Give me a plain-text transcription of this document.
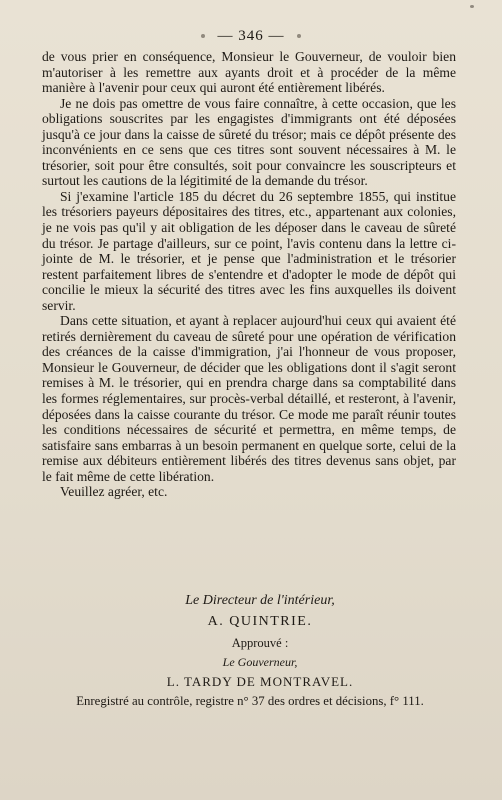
— 346 —

de vous prier en conséquence, Monsieur le Gouverneur, de vouloir bien m'autoriser à les remettre aux ayants droit et à procéder de la même manière à l'avenir pour ceux qui auront été entièrement libérés.

Je ne dois pas omettre de vous faire connaître, à cette occasion, que les obligations souscrites par les engagistes d'immigrants ont été déposées jusqu'à ce jour dans la caisse de sûreté du trésor; mais ce dépôt présente des inconvénients en ce sens que ces titres sont souvent nécessaires à M. le trésorier, soit pour être consultés, soit pour convaincre les souscripteurs et surtout les cautions de la légitimité de la demande du trésor.

Si j'examine l'article 185 du décret du 26 septembre 1855, qui institue les trésoriers payeurs dépositaires des titres, etc., appartenant aux colonies, je ne vois pas qu'il y ait obligation de les déposer dans le caveau de sûreté du trésor. Je partage d'ailleurs, sur ce point, l'avis contenu dans la lettre ci-jointe de M. le trésorier, et je pense que l'administration et le trésorier restent parfaitement libres de s'entendre et d'adopter le mode de dépôt qui concilie le mieux la sécurité des titres avec les fins auxquelles ils doivent servir.

Dans cette situation, et ayant à replacer aujourd'hui ceux qui avaient été retirés dernièrement du caveau de sûreté pour une opération de vérification des créances de la caisse d'immigration, j'ai l'honneur de vous proposer, Monsieur le Gouverneur, de décider que les obligations dont il s'agit seront remises à M. le trésorier, qui en prendra charge dans sa comptabilité dans les formes réglementaires, sur procès-verbal détaillé, et resteront, à l'avenir, déposées dans la caisse courante du trésor. Ce mode me paraît réunir toutes les conditions nécessaires de sécurité et permettra, en même temps, de satisfaire sans embarras à un besoin permanent en quelque sorte, celui de la remise aux débiteurs entièrement libérés des titres devenus sans objet, par le fait même de cette libération.

Veuillez agréer, etc.

Le Directeur de l'intérieur,
A. QUINTRIE.
Approuvé :
Le Gouverneur,
L. TARDY DE MONTRAVEL.
Enregistré au contrôle, registre n° 37 des ordres et décisions, f° 111.
